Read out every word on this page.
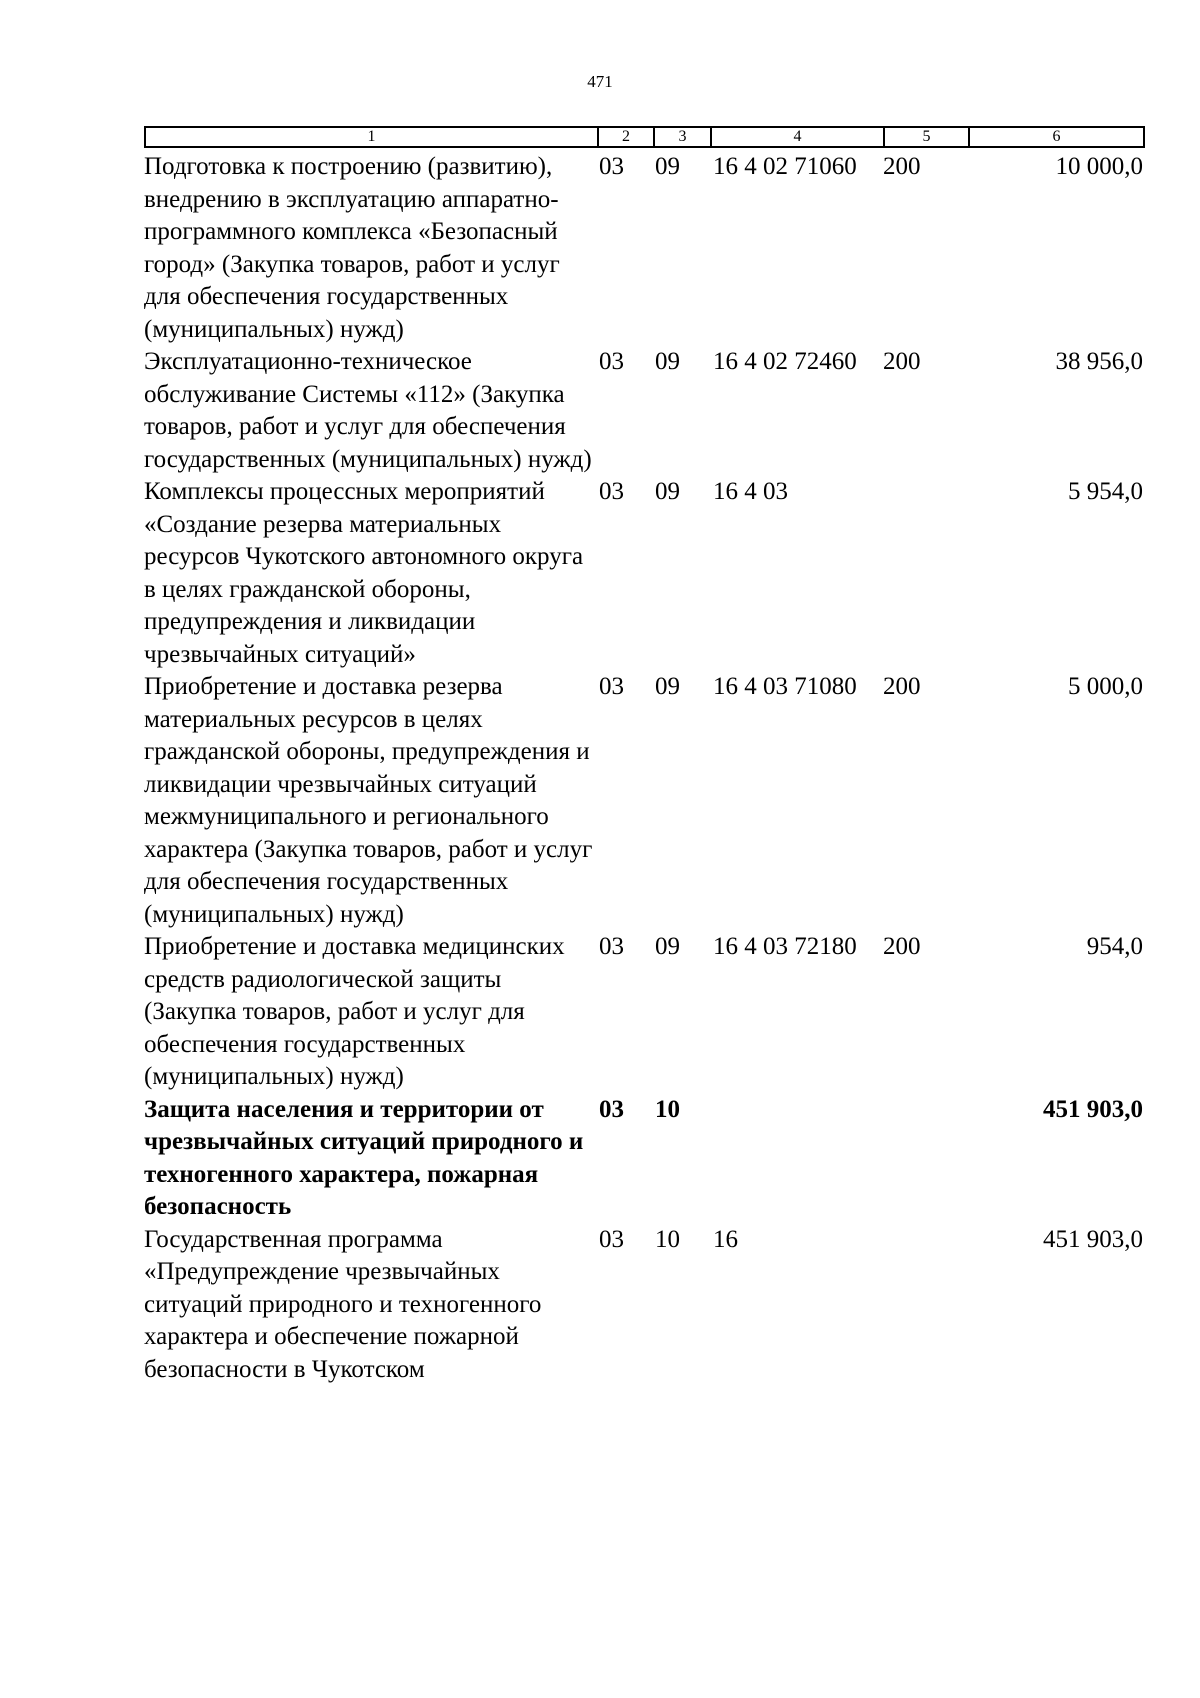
471
1	2	3	4	5	6
Подготовка к построению (развитию), внедрению в эксплуатацию аппаратно-программного комплекса «Безопасный город» (Закупка товаров, работ и услуг для обеспечения государственных (муниципальных) нужд)	03	09	16 4 02 71060	200	10 000,0
Эксплуатационно-техническое обслуживание Системы «112» (Закупка товаров, работ и услуг для обеспечения государственных (муниципальных) нужд)	03	09	16 4 02 72460	200	38 956,0
Комплексы процессных мероприятий «Создание резерва материальных ресурсов Чукотского автономного округа в целях гражданской обороны, предупреждения и ликвидации чрезвычайных ситуаций»	03	09	16 4 03		5 954,0
Приобретение и доставка резерва материальных ресурсов в целях гражданской обороны, предупреждения и ликвидации чрезвычайных ситуаций межмуниципального и регионального характера (Закупка товаров, работ и услуг для обеспечения государственных (муниципальных) нужд)	03	09	16 4 03 71080	200	5 000,0
Приобретение и доставка медицинских средств радиологической защиты (Закупка товаров, работ и услуг для обеспечения государственных (муниципальных) нужд)	03	09	16 4 03 72180	200	954,0
Защита населения и территории от чрезвычайных ситуаций природного и техногенного характера, пожарная безопасность	03	10			451 903,0
Государственная программа «Предупреждение чрезвычайных ситуаций природного и техногенного характера и обеспечение пожарной безопасности в Чукотском	03	10	16		451 903,0
